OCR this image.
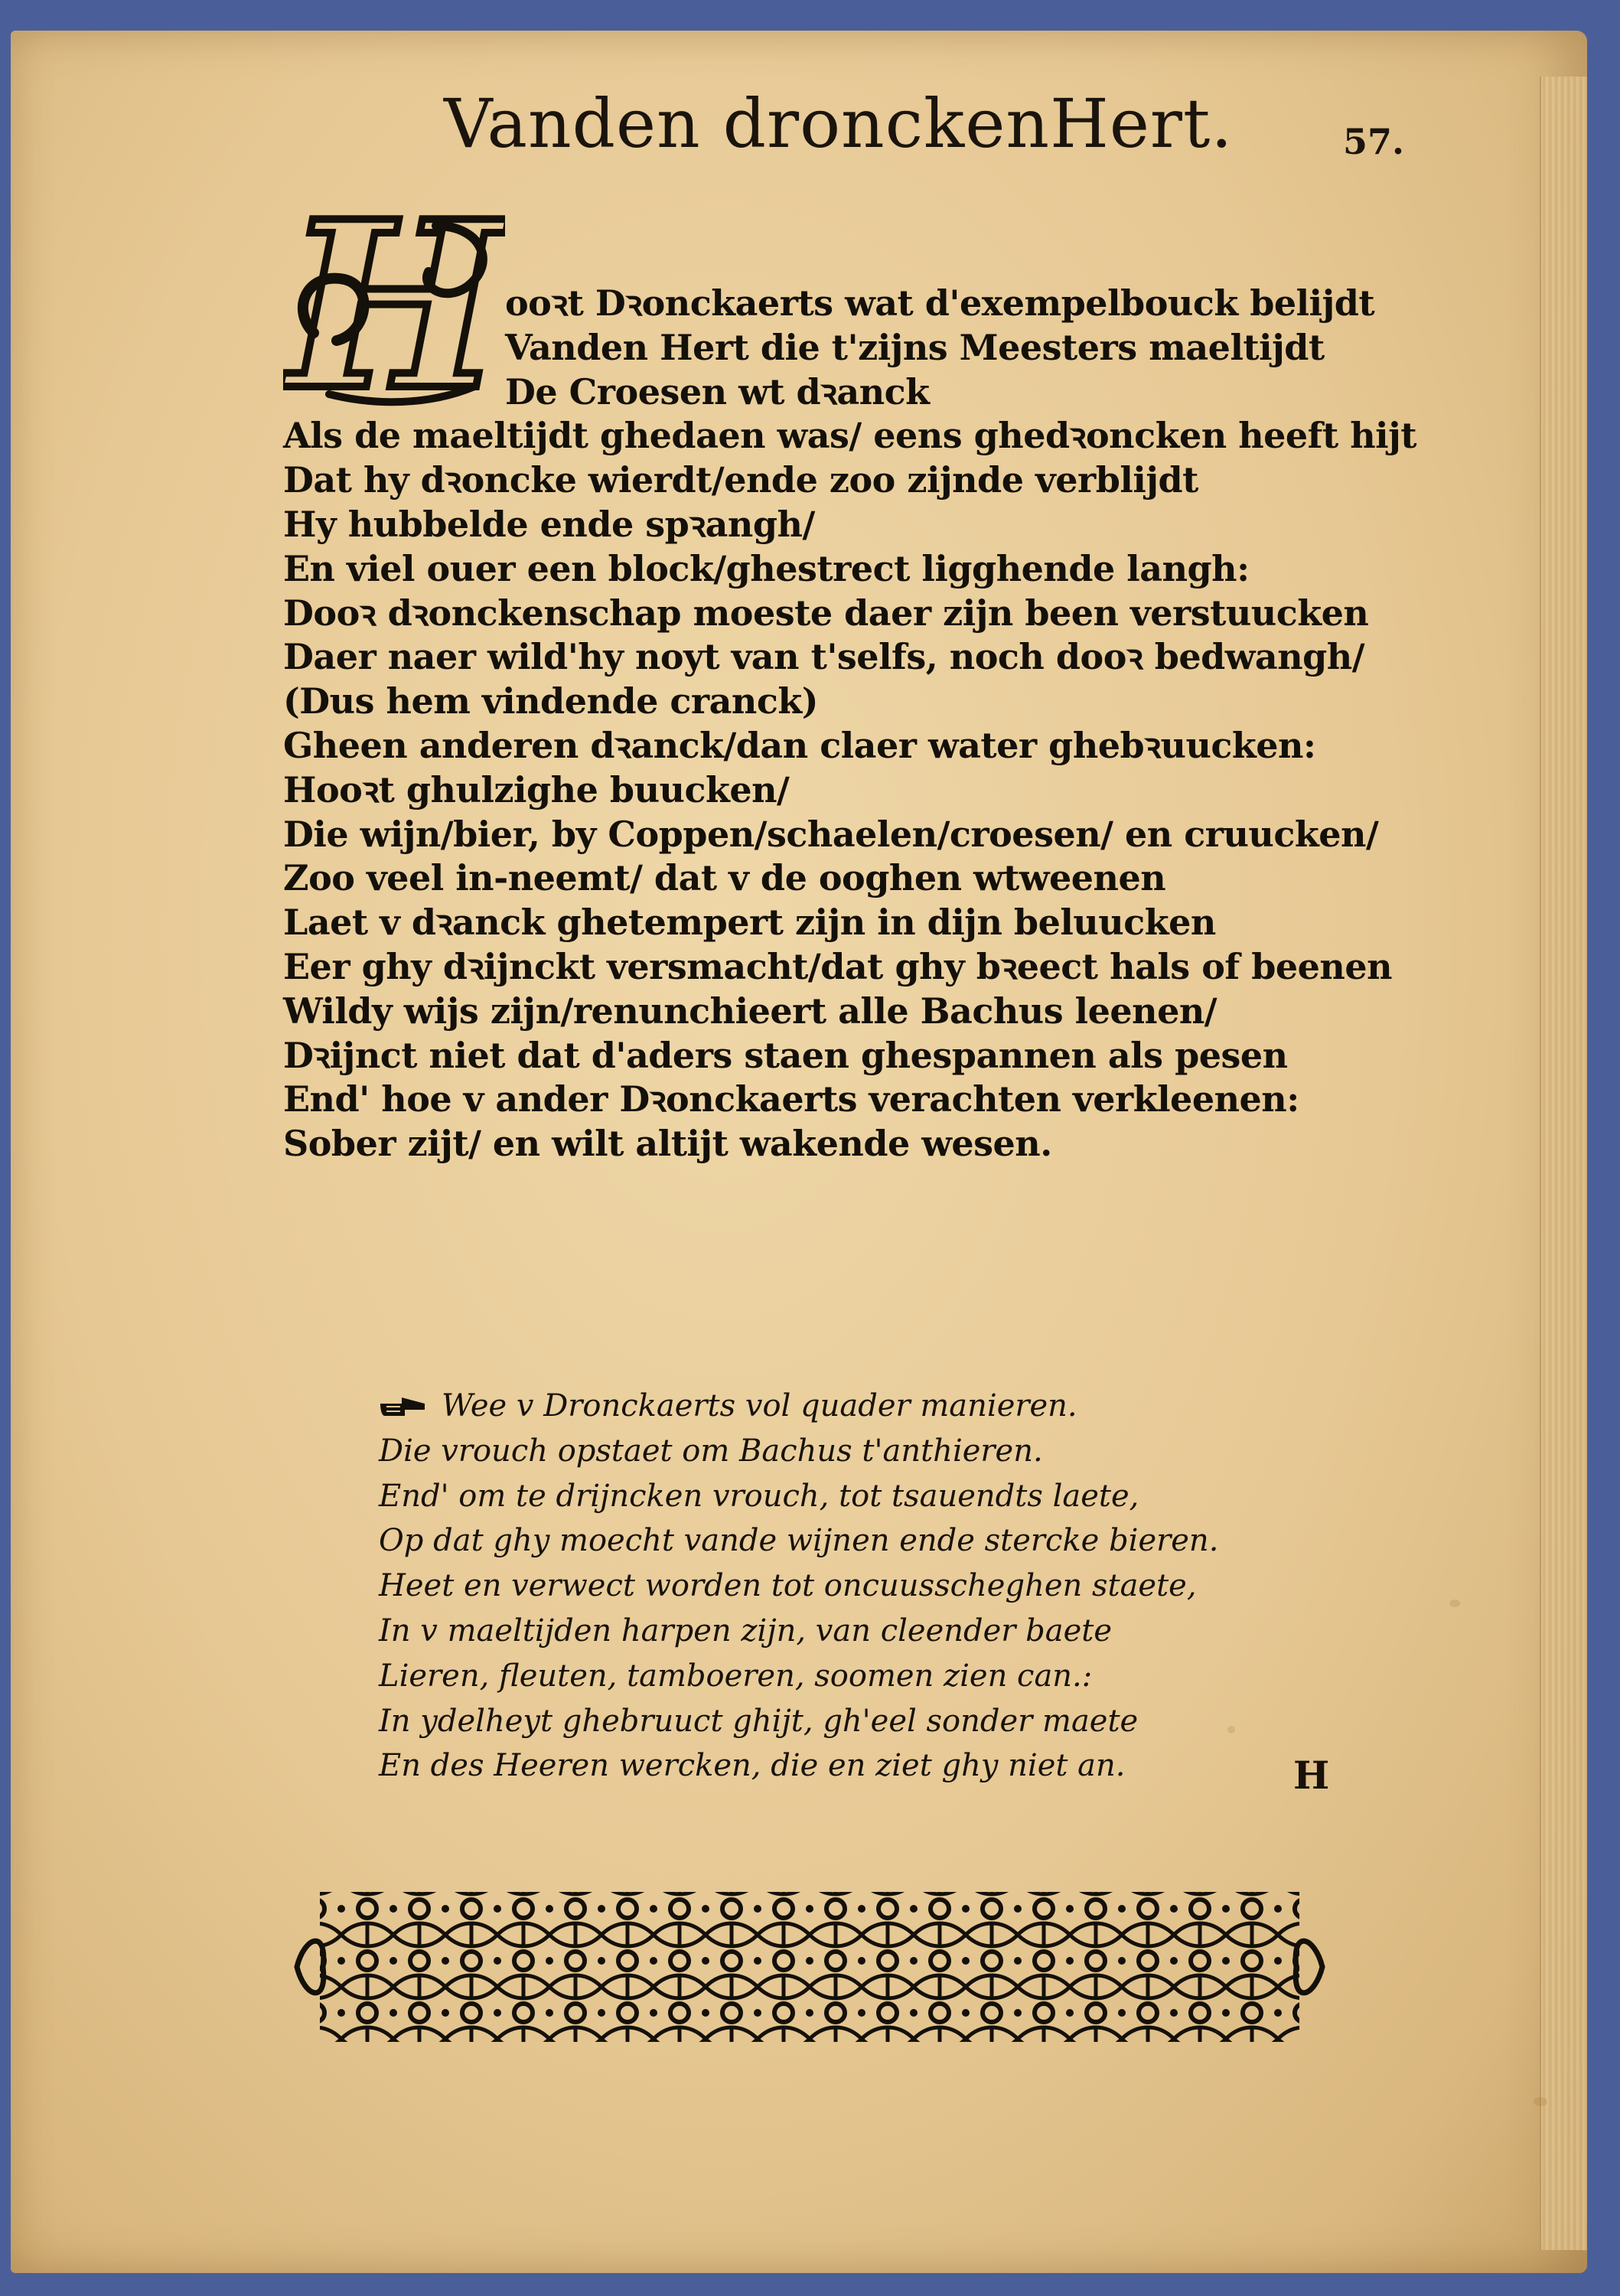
Vanden dronckenHert.	57.
H ooꝛt Dꝛonckaerts wat d'exempelbouck belijdt
Vanden Hert die t'zijns Meesters maeltijdt
De Croesen wt dꝛanck
Als de maeltijdt ghedaen was/ eens ghedꝛoncken heeft hijt
Dat hy dꝛoncke wierdt/ende zoo zijnde verblijdt
Hy hubbelde ende spꝛangh/
En viel ouer een block/ghestrect ligghende langh:
Dooꝛ dꝛonckenschap moeste daer zijn been verstuucken
Daer naer wild'hy noyt van t'selfs, noch dooꝛ bedwangh/
(Dus hem vindende cranck)
Gheen anderen dꝛanck/dan claer water ghebꝛuucken:
Hooꝛt ghulzighe buucken/
Die wijn/bier, by Coppen/schaelen/croesen/ en cruucken/
Zoo veel in-neemt/ dat v de ooghen wtweenen
Laet v dꝛanck ghetempert zijn in dijn beluucken
Eer ghy dꝛijnckt versmacht/dat ghy bꝛeect hals of beenen
Wildy wijs zijn/renunchieert alle Bachus leenen/
Dꝛijnct niet dat d'aders staen ghespannen als pesen
End' hoe v ander Dꝛonckaerts verachten verkleenen:
Sober zijt/ en wilt altijt wakende wesen.
Wee v Dronckaerts vol quader manieren.
Die vrouch opstaet om Bachus t'anthieren.
End' om te drijncken vrouch, tot tsauendts laete,
Op dat ghy moecht vande wijnen ende stercke bieren.
Heet en verwect worden tot oncuusscheghen staete,
In v maeltijden harpen zijn, van cleender baete
Lieren, fleuten, tamboeren, soomen zien can.:
In ydelheyt ghebruuct ghijt, gh'eel sonder maete
En des Heeren wercken, die en ziet ghy niet an.	H
